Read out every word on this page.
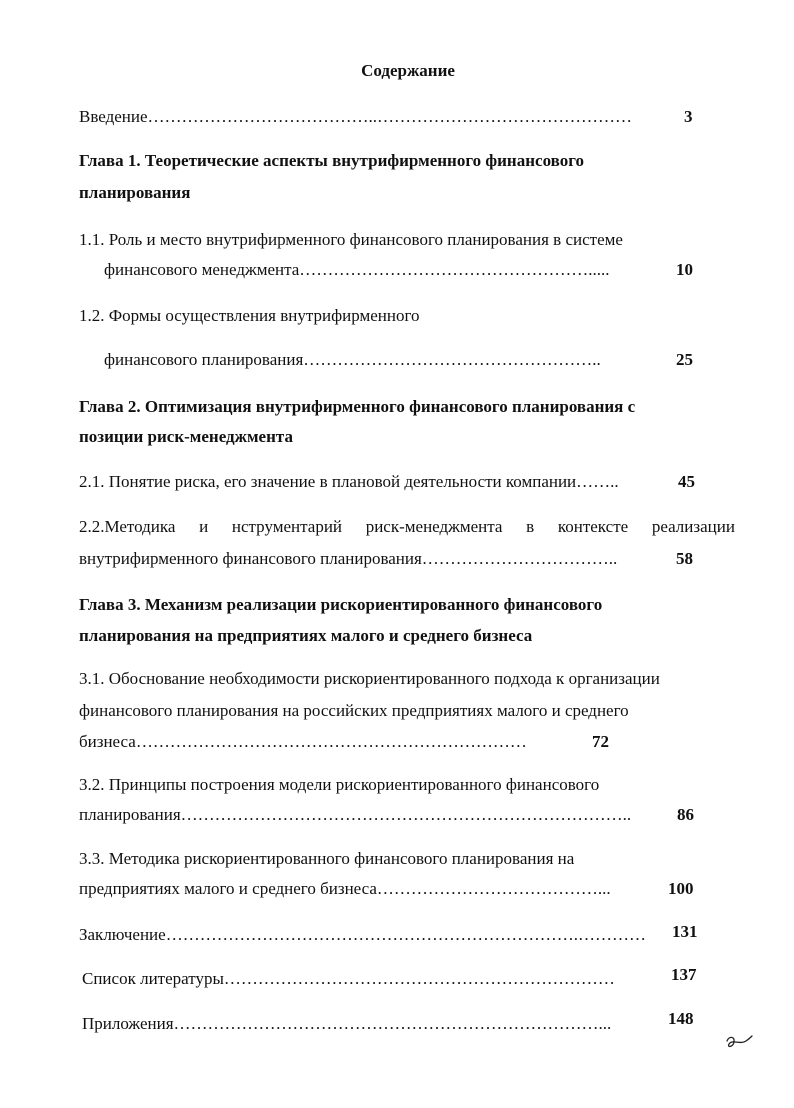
Содержание
Введение…………………………………..………………………………………	3
Глава 1. Теоретические аспекты внутрифирменного финансового
планирования
1.1. Роль и место внутрифирменного финансового планирования в системе
финансового менеджмента…………………………………………….....	10
1.2. Формы осуществления внутрифирменного
финансового планирования……………………………………………..	25
Глава 2. Оптимизация внутрифирменного финансового планирования с
позиции риск-менеджмента
2.1. Понятие риска, его значение в плановой деятельности компании……..	45
2.2.Методика и нструментарий риск-менеджмента в контексте реализации
внутрифирменного финансового планирования……………………………..	58
Глава 3. Механизм реализации рискориентированного финансового
планирования на предприятиях малого и среднего бизнеса
3.1. Обоснование необходимости рискориентированного подхода к организации
финансового планирования на российских предприятиях малого и среднего
бизнеса……………………………………………………………	72
3.2. Принципы построения модели рискориентированного финансового
планирования……………………………………………………………………..	86
3.3. Методика рискориентированного финансового планирования на
предприятиях малого и среднего бизнеса…………………………………...	100
Заключение……………………………………………………………….………… 131
Список литературы……………………………………………………………	137
Приложения…………………………………………………………………...	148
